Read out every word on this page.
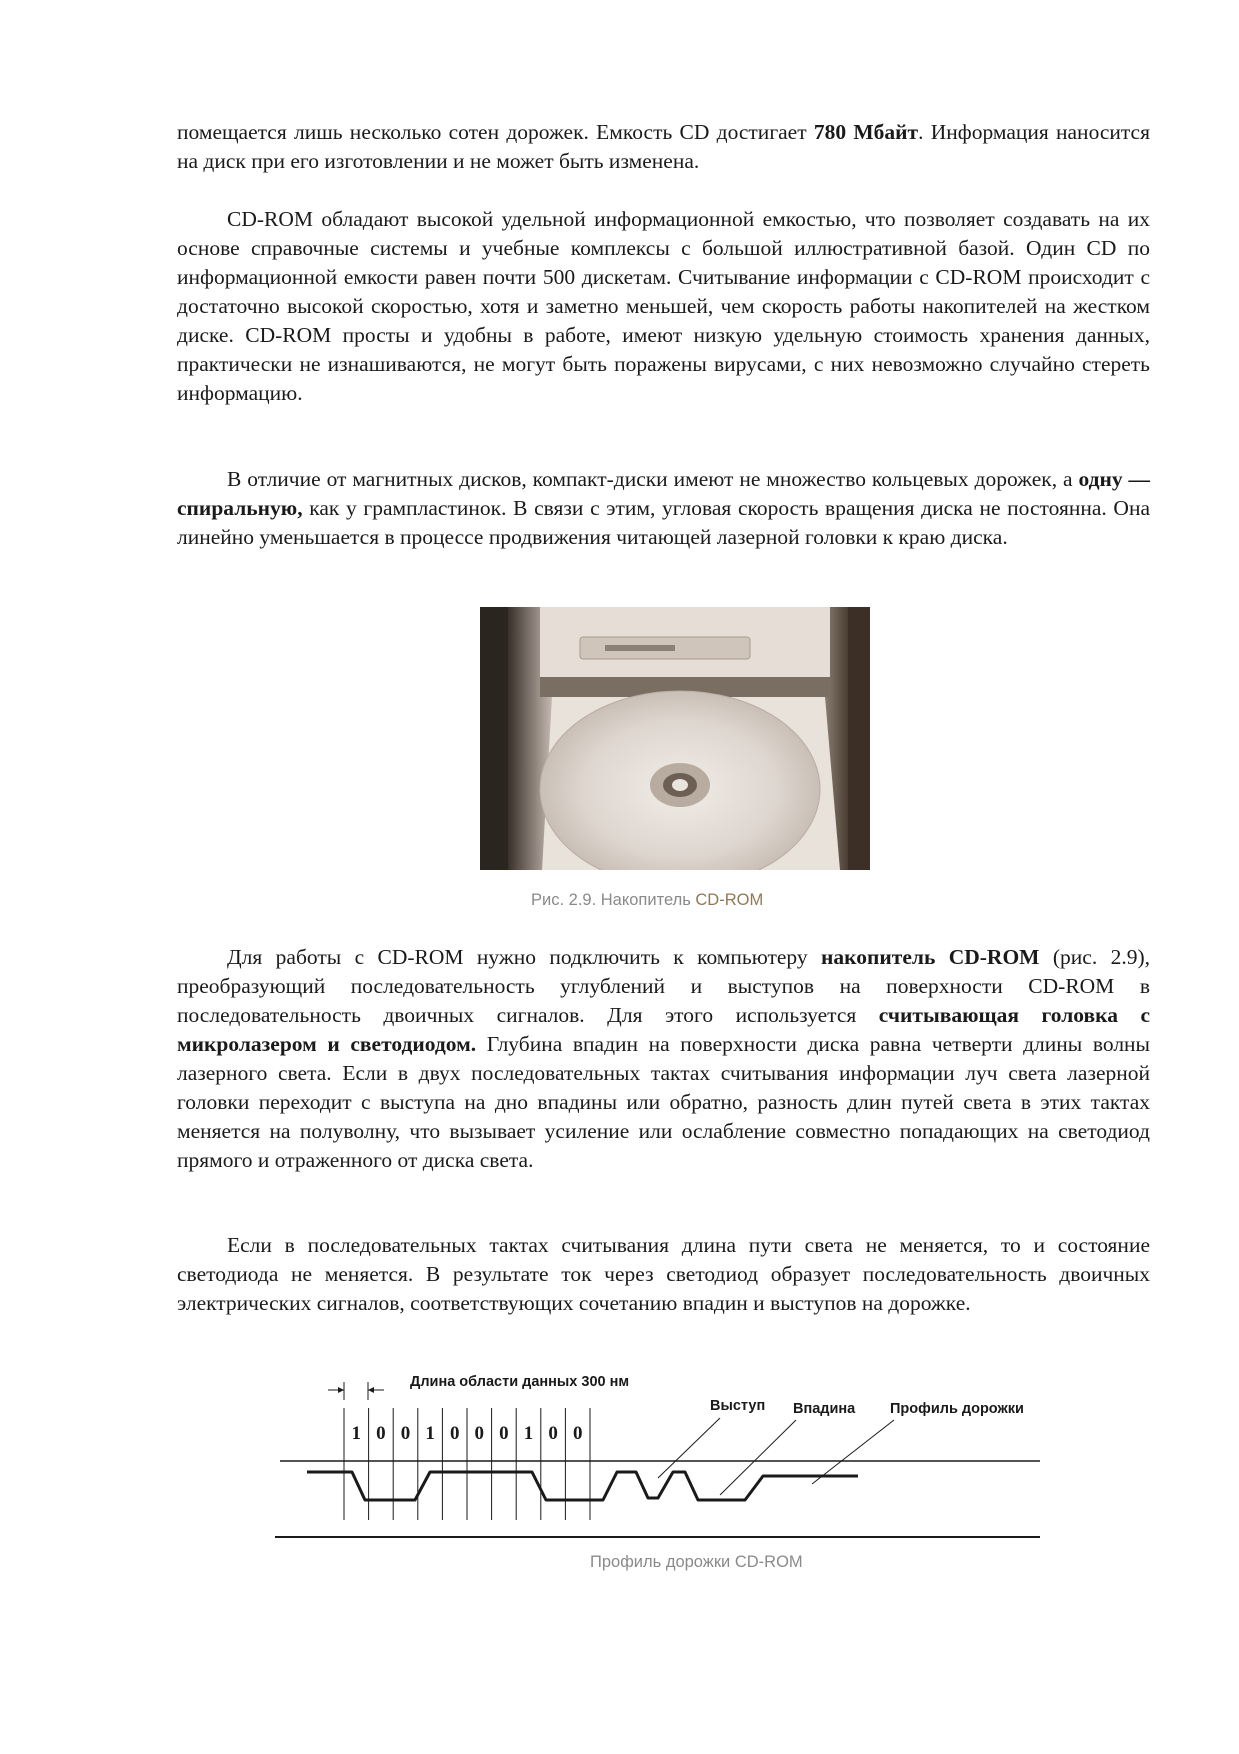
помещается лишь несколько сотен дорожек. Емкость CD достигает 780 Мбайт. Информация наносится на диск при его изготовлении и не может быть изменена.

CD-ROM обладают высокой удельной информационной емкостью, что позволяет создавать на их основе справочные системы и учебные комплексы с большой иллюстративной базой. Один CD по информационной емкости равен почти 500 дискетам. Считывание информации с CD-ROM происходит с достаточно высокой скоростью, хотя и заметно меньшей, чем скорость работы накопителей на жестком диске. CD-ROM просты и удобны в работе, имеют низкую удельную стоимость хранения данных, практически не изнашиваются, не могут быть поражены вирусами, с них невозможно случайно стереть информацию.

В отличие от магнитных дисков, компакт-диски имеют не множество кольцевых дорожек, а одну — спиральную, как у грампластинок. В связи с этим, угловая скорость вращения диска не постоянна. Она линейно уменьшается в процессе продвижения читающей лазерной головки к краю диска.

Рис. 2.9. Накопитель CD-ROM

Для работы с CD-ROM нужно подключить к компьютеру накопитель CD-ROM (рис. 2.9), преобразующий последовательность углублений и выступов на поверхности CD-ROM в последовательность двоичных сигналов. Для этого используется считывающая головка с микролазером и светодиодом. Глубина впадин на поверхности диска равна четверти длины волны лазерного света. Если в двух последовательных тактах считывания информации луч света лазерной головки переходит с выступа на дно впадины или обратно, разность длин путей света в этих тактах меняется на полуволну, что вызывает усиление или ослабление совместно попадающих на светодиод прямого и отраженного от диска света.

Если в последовательных тактах считывания длина пути света не меняется, то и состояние светодиода не меняется. В результате ток через светодиод образует последовательность двоичных электрических сигналов, соответствующих сочетанию впадин и выступов на дорожке.

1 0 0 1 0 0 0 1 0 0
Длина области данных 300 нм
Выступ Впадина Профиль дорожки

Профиль дорожки CD-ROM
